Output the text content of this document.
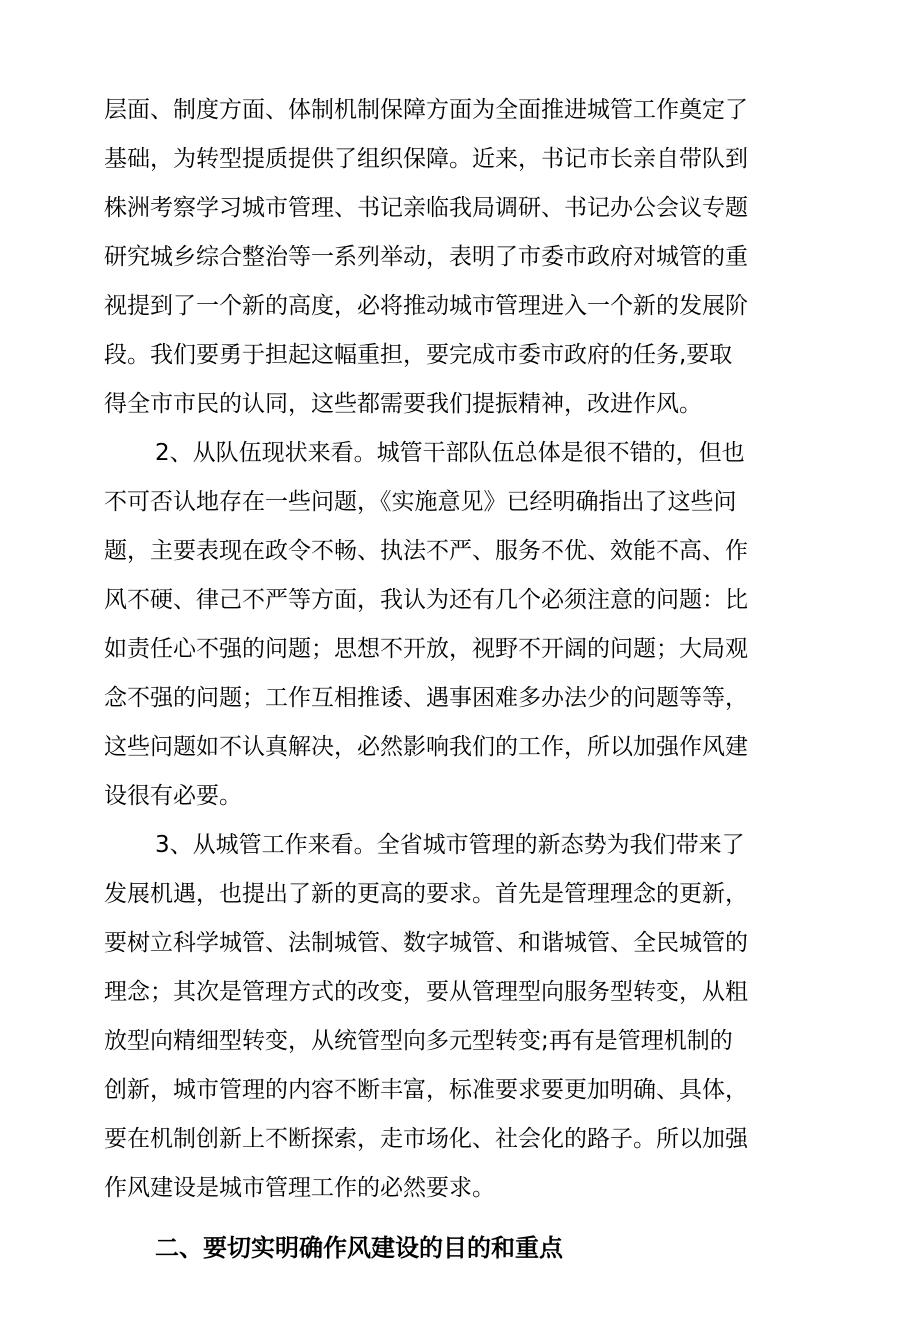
层面、制度方面、体制机制保障方面为全面推进城管工作奠定了
基础，为转型提质提供了组织保障。近来，书记市长亲自带队到
株洲考察学习城市管理、书记亲临我局调研、书记办公会议专题
研究城乡综合整治等一系列举动，表明了市委市政府对城管的重
视提到了一个新的高度，必将推动城市管理进入一个新的发展阶
段。我们要勇于担起这幅重担，要完成市委市政府的任务,要取
得全市市民的认同，这些都需要我们提振精神，改进作风。
2、从队伍现状来看。城管干部队伍总体是很不错的，但也
不可否认地存在一些问题，《实施意见》已经明确指出了这些问
题，主要表现在政令不畅、执法不严、服务不优、效能不高、作
风不硬、律己不严等方面，我认为还有几个必须注意的问题：比
如责任心不强的问题；思想不开放，视野不开阔的问题；大局观
念不强的问题；工作互相推诿、遇事困难多办法少的问题等等，
这些问题如不认真解决，必然影响我们的工作，所以加强作风建
设很有必要。
3、从城管工作来看。全省城市管理的新态势为我们带来了
发展机遇，也提出了新的更高的要求。首先是管理理念的更新，
要树立科学城管、法制城管、数字城管、和谐城管、全民城管的
理念；其次是管理方式的改变，要从管理型向服务型转变，从粗
放型向精细型转变，从统管型向多元型转变;再有是管理机制的
创新，城市管理的内容不断丰富，标准要求要更加明确、具体，
要在机制创新上不断探索，走市场化、社会化的路子。所以加强
作风建设是城市管理工作的必然要求。
二、要切实明确作风建设的目的和重点
